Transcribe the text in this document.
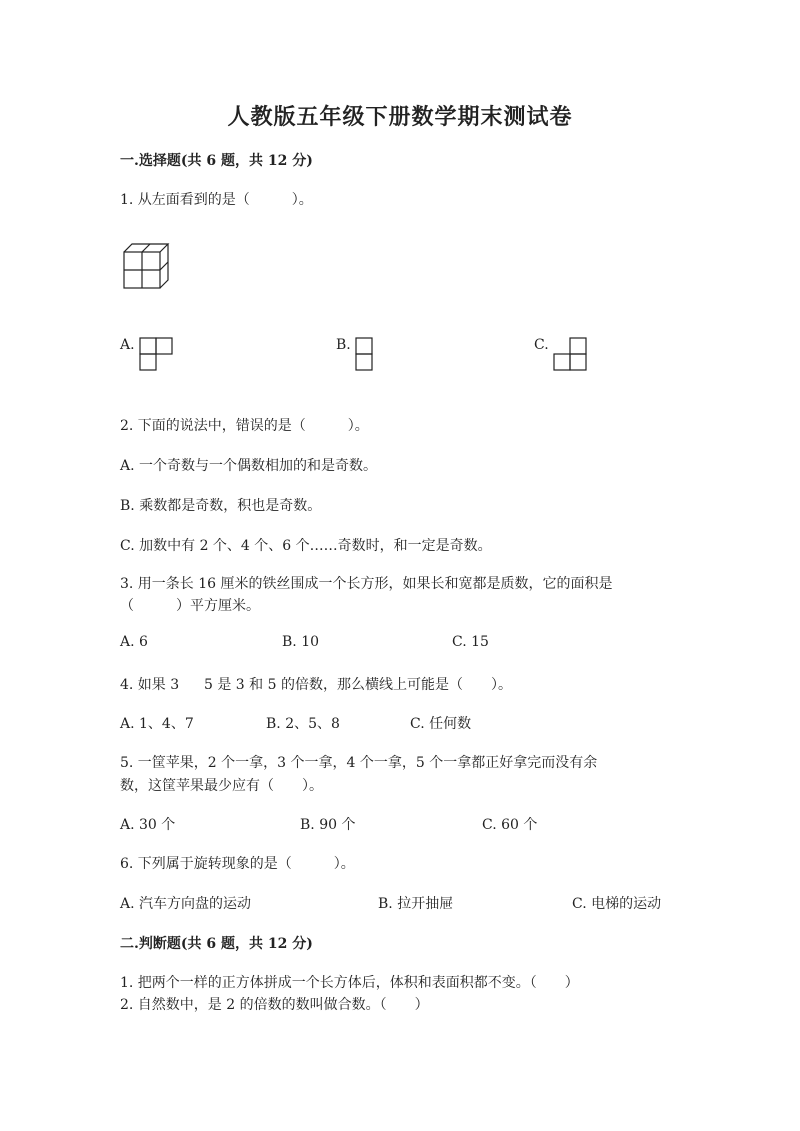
人教版五年级下册数学期末测试卷
一.选择题(共 6 题，共 12 分)
1. 从左面看到的是（　　　）。
A.	B.	C.
2. 下面的说法中，错误的是（　　　）。
A. 一个奇数与一个偶数相加的和是奇数。
B. 乘数都是奇数，积也是奇数。
C. 加数中有 2 个、4 个、6 个……奇数时，和一定是奇数。
3. 用一条长 16 厘米的铁丝围成一个长方形，如果长和宽都是质数，它的面积是
（　　　）平方厘米。
A. 6	B. 10	C. 15
4. 如果 3 5 是 3 和 5 的倍数，那么横线上可能是（　　）。
A. 1、4、7	B. 2、5、8	C. 任何数
5. 一筐苹果，2 个一拿，3 个一拿，4 个一拿，5 个一拿都正好拿完而没有余
数，这筐苹果最少应有（　　）。
A. 30 个	B. 90 个	C. 60 个
6. 下列属于旋转现象的是（　　　）。
A. 汽车方向盘的运动	B. 拉开抽屉	C. 电梯的运动
二.判断题(共 6 题，共 12 分)
1. 把两个一样的正方体拼成一个长方体后，体积和表面积都不变。（　　）
2. 自然数中，是 2 的倍数的数叫做合数。（　　）
